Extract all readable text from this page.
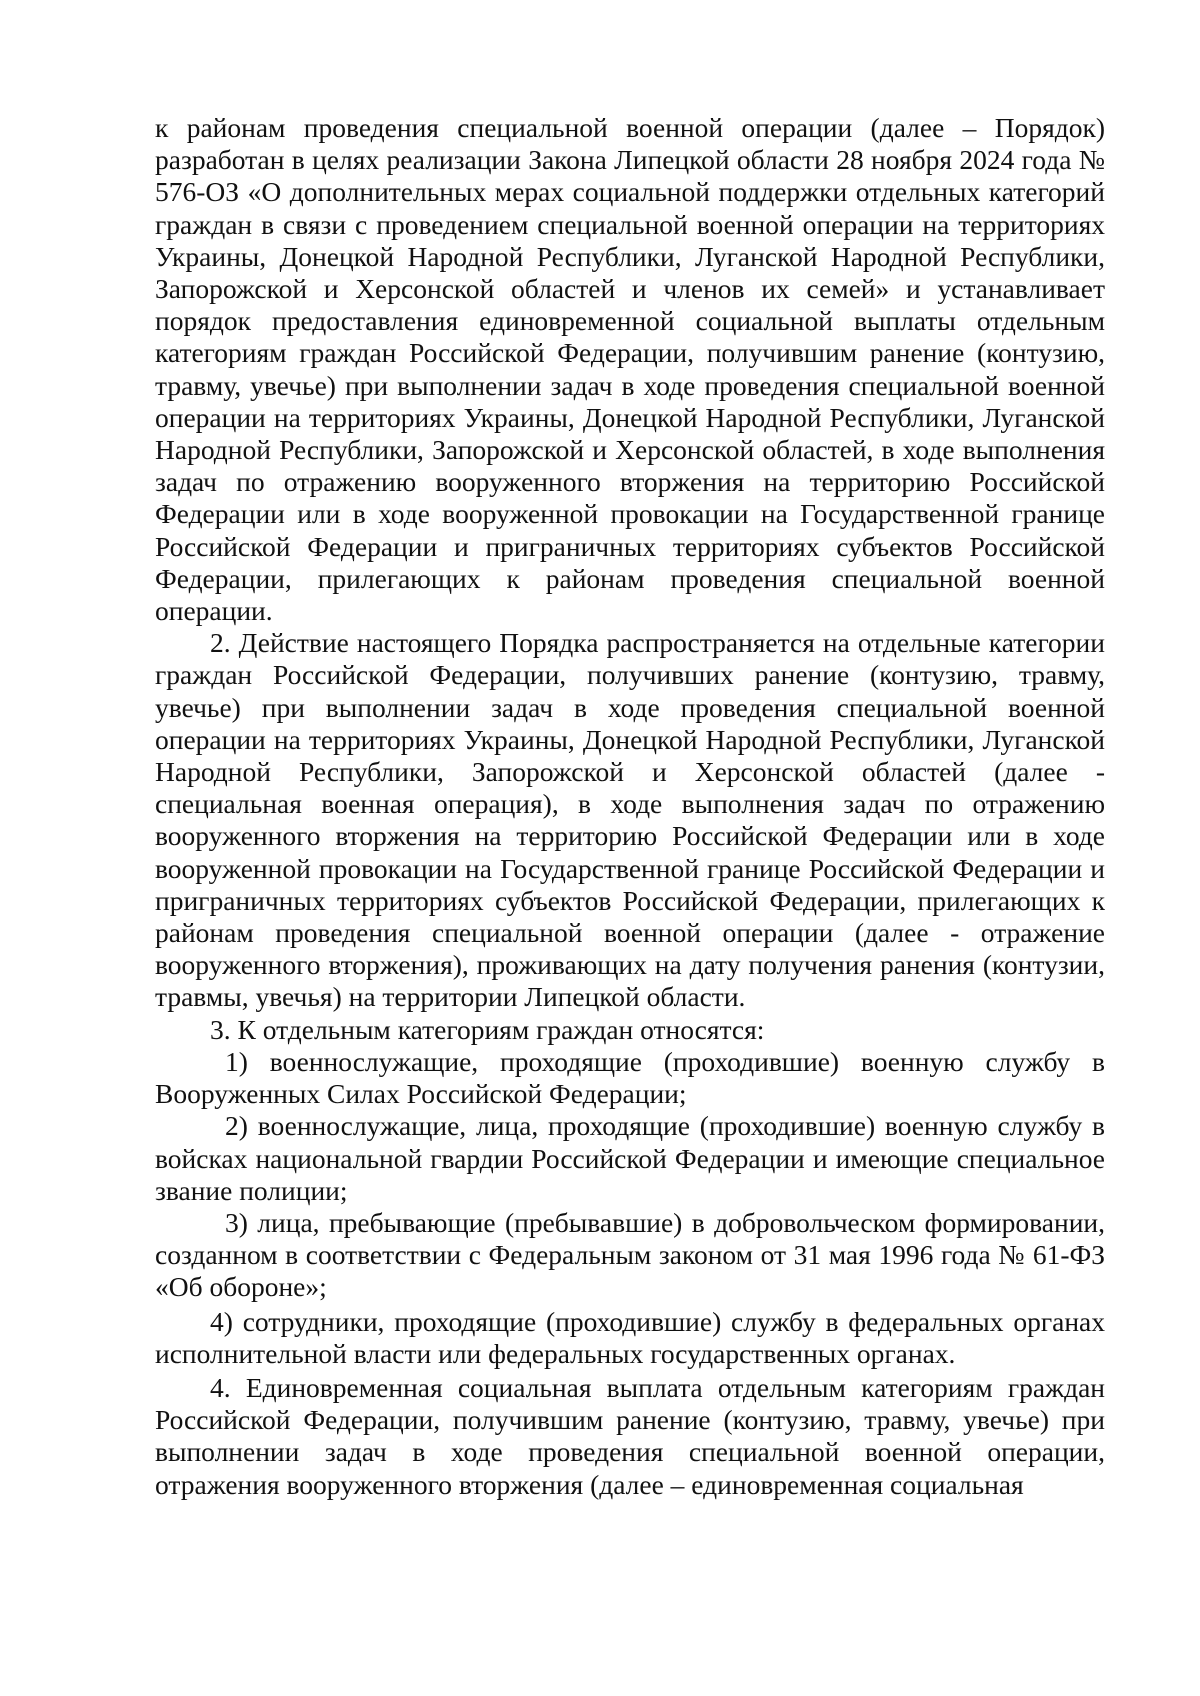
к районам проведения специальной военной операции (далее – Порядок) разработан в целях реализации Закона Липецкой области 28 ноября 2024 года № 576-ОЗ «О дополнительных мерах социальной поддержки отдельных категорий граждан в связи с проведением специальной военной операции на территориях Украины, Донецкой Народной Республики, Луганской Народной Республики, Запорожской и Херсонской областей и членов их семей» и устанавливает порядок предоставления единовременной социальной выплаты отдельным категориям граждан Российской Федерации, получившим ранение (контузию, травму, увечье) при выполнении задач в ходе проведения специальной военной операции на территориях Украины, Донецкой Народной Республики, Луганской Народной Республики, Запорожской и Херсонской областей, в ходе выполнения задач по отражению вооруженного вторжения на территорию Российской Федерации или в ходе вооруженной провокации на Государственной границе Российской Федерации и приграничных территориях субъектов Российской Федерации, прилегающих к районам проведения специальной военной операции.

2. Действие настоящего Порядка распространяется на отдельные категории граждан Российской Федерации, получивших ранение (контузию, травму, увечье) при выполнении задач в ходе проведения специальной военной операции на территориях Украины, Донецкой Народной Республики, Луганской Народной Республики, Запорожской и Херсонской областей (далее - специальная военная операция), в ходе выполнения задач по отражению вооруженного вторжения на территорию Российской Федерации или в ходе вооруженной провокации на Государственной границе Российской Федерации и приграничных территориях субъектов Российской Федерации, прилегающих к районам проведения специальной военной операции (далее - отражение вооруженного вторжения), проживающих на дату получения ранения (контузии, травмы, увечья) на территории Липецкой области.

3. К отдельным категориям граждан относятся:

1) военнослужащие, проходящие (проходившие) военную службу в Вооруженных Силах Российской Федерации;

2) военнослужащие, лица, проходящие (проходившие) военную службу в войсках национальной гвардии Российской Федерации и имеющие специальное звание полиции;

3) лица, пребывающие (пребывавшие) в добровольческом формировании, созданном в соответствии с Федеральным законом от 31 мая 1996 года № 61-ФЗ «Об обороне»;

4) сотрудники, проходящие (проходившие) службу в федеральных органах исполнительной власти или федеральных государственных органах.

4. Единовременная социальная выплата отдельным категориям граждан Российской Федерации, получившим ранение (контузию, травму, увечье) при выполнении задач в ходе проведения специальной военной операции, отражения вооруженного вторжения (далее – единовременная социальная
